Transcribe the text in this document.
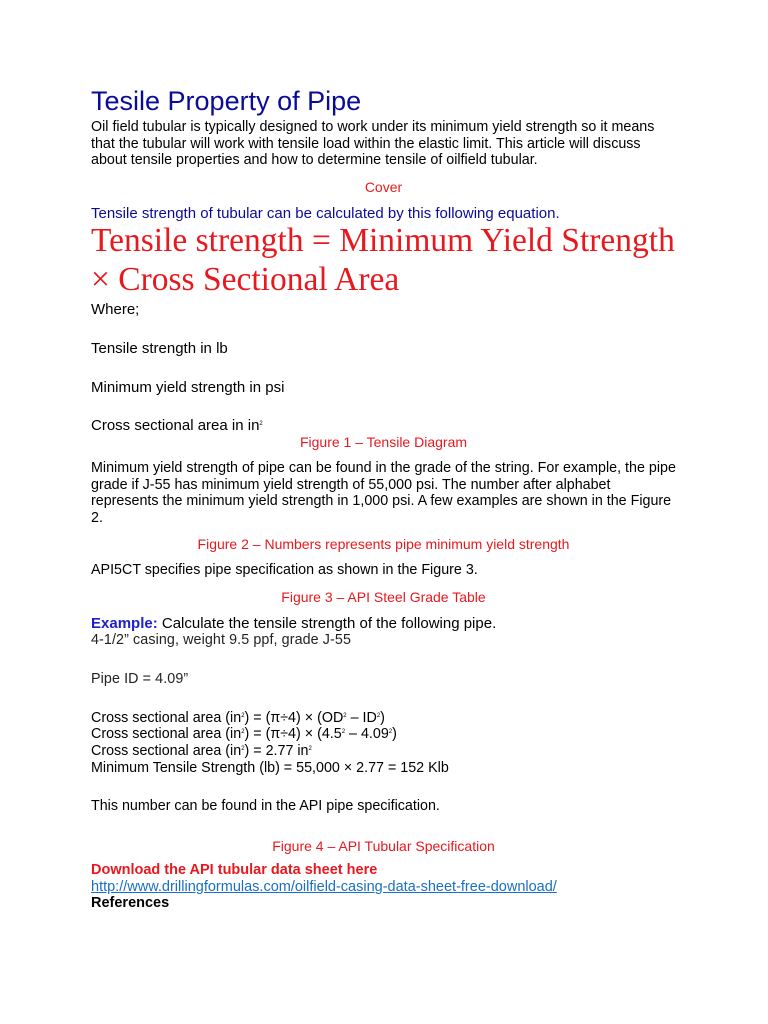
Tesile Property of Pipe
Oil field tubular is typically designed to work under its minimum yield strength so it means that the tubular will work with tensile load within the elastic limit. This article will discuss about tensile properties and how to determine tensile of oilfield tubular.
Cover
Tensile strength of tubular can be calculated by this following equation.
Tensile strength = Minimum Yield Strength × Cross Sectional Area
Where;
Tensile strength in lb
Minimum yield strength in psi
Cross sectional area in $in^2$
Figure 1 – Tensile Diagram
Minimum yield strength of pipe can be found in the grade of the string. For example, the pipe grade if J-55 has minimum yield strength of 55,000 psi. The number after alphabet represents the minimum yield strength in 1,000 psi. A few examples are shown in the Figure 2.
Figure 2 – Numbers represents pipe minimum yield strength
API5CT specifies pipe specification as shown in the Figure 3.
Figure 3 – API Steel Grade Table
Example: Calculate the tensile strength of the following pipe.
4-1/2” casing, weight 9.5 ppf, grade J-55
Pipe ID = 4.09”
Cross sectional area $(in^2) = (\pi\div 4) \times (OD^2 - ID^2)$
Cross sectional area $(in^2) = (\pi\div 4) \times (4.5^2 - 4.09^2)$
Cross sectional area $(in^2) = 2.77$ $in^2$
Minimum Tensile Strength (lb) = 55,000 × 2.77 = 152 Klb
This number can be found in the API pipe specification.
Figure 4 – API Tubular Specification
Download the API tubular data sheet here
http://www.drillingformulas.com/oilfield-casing-data-sheet-free-download/
References
